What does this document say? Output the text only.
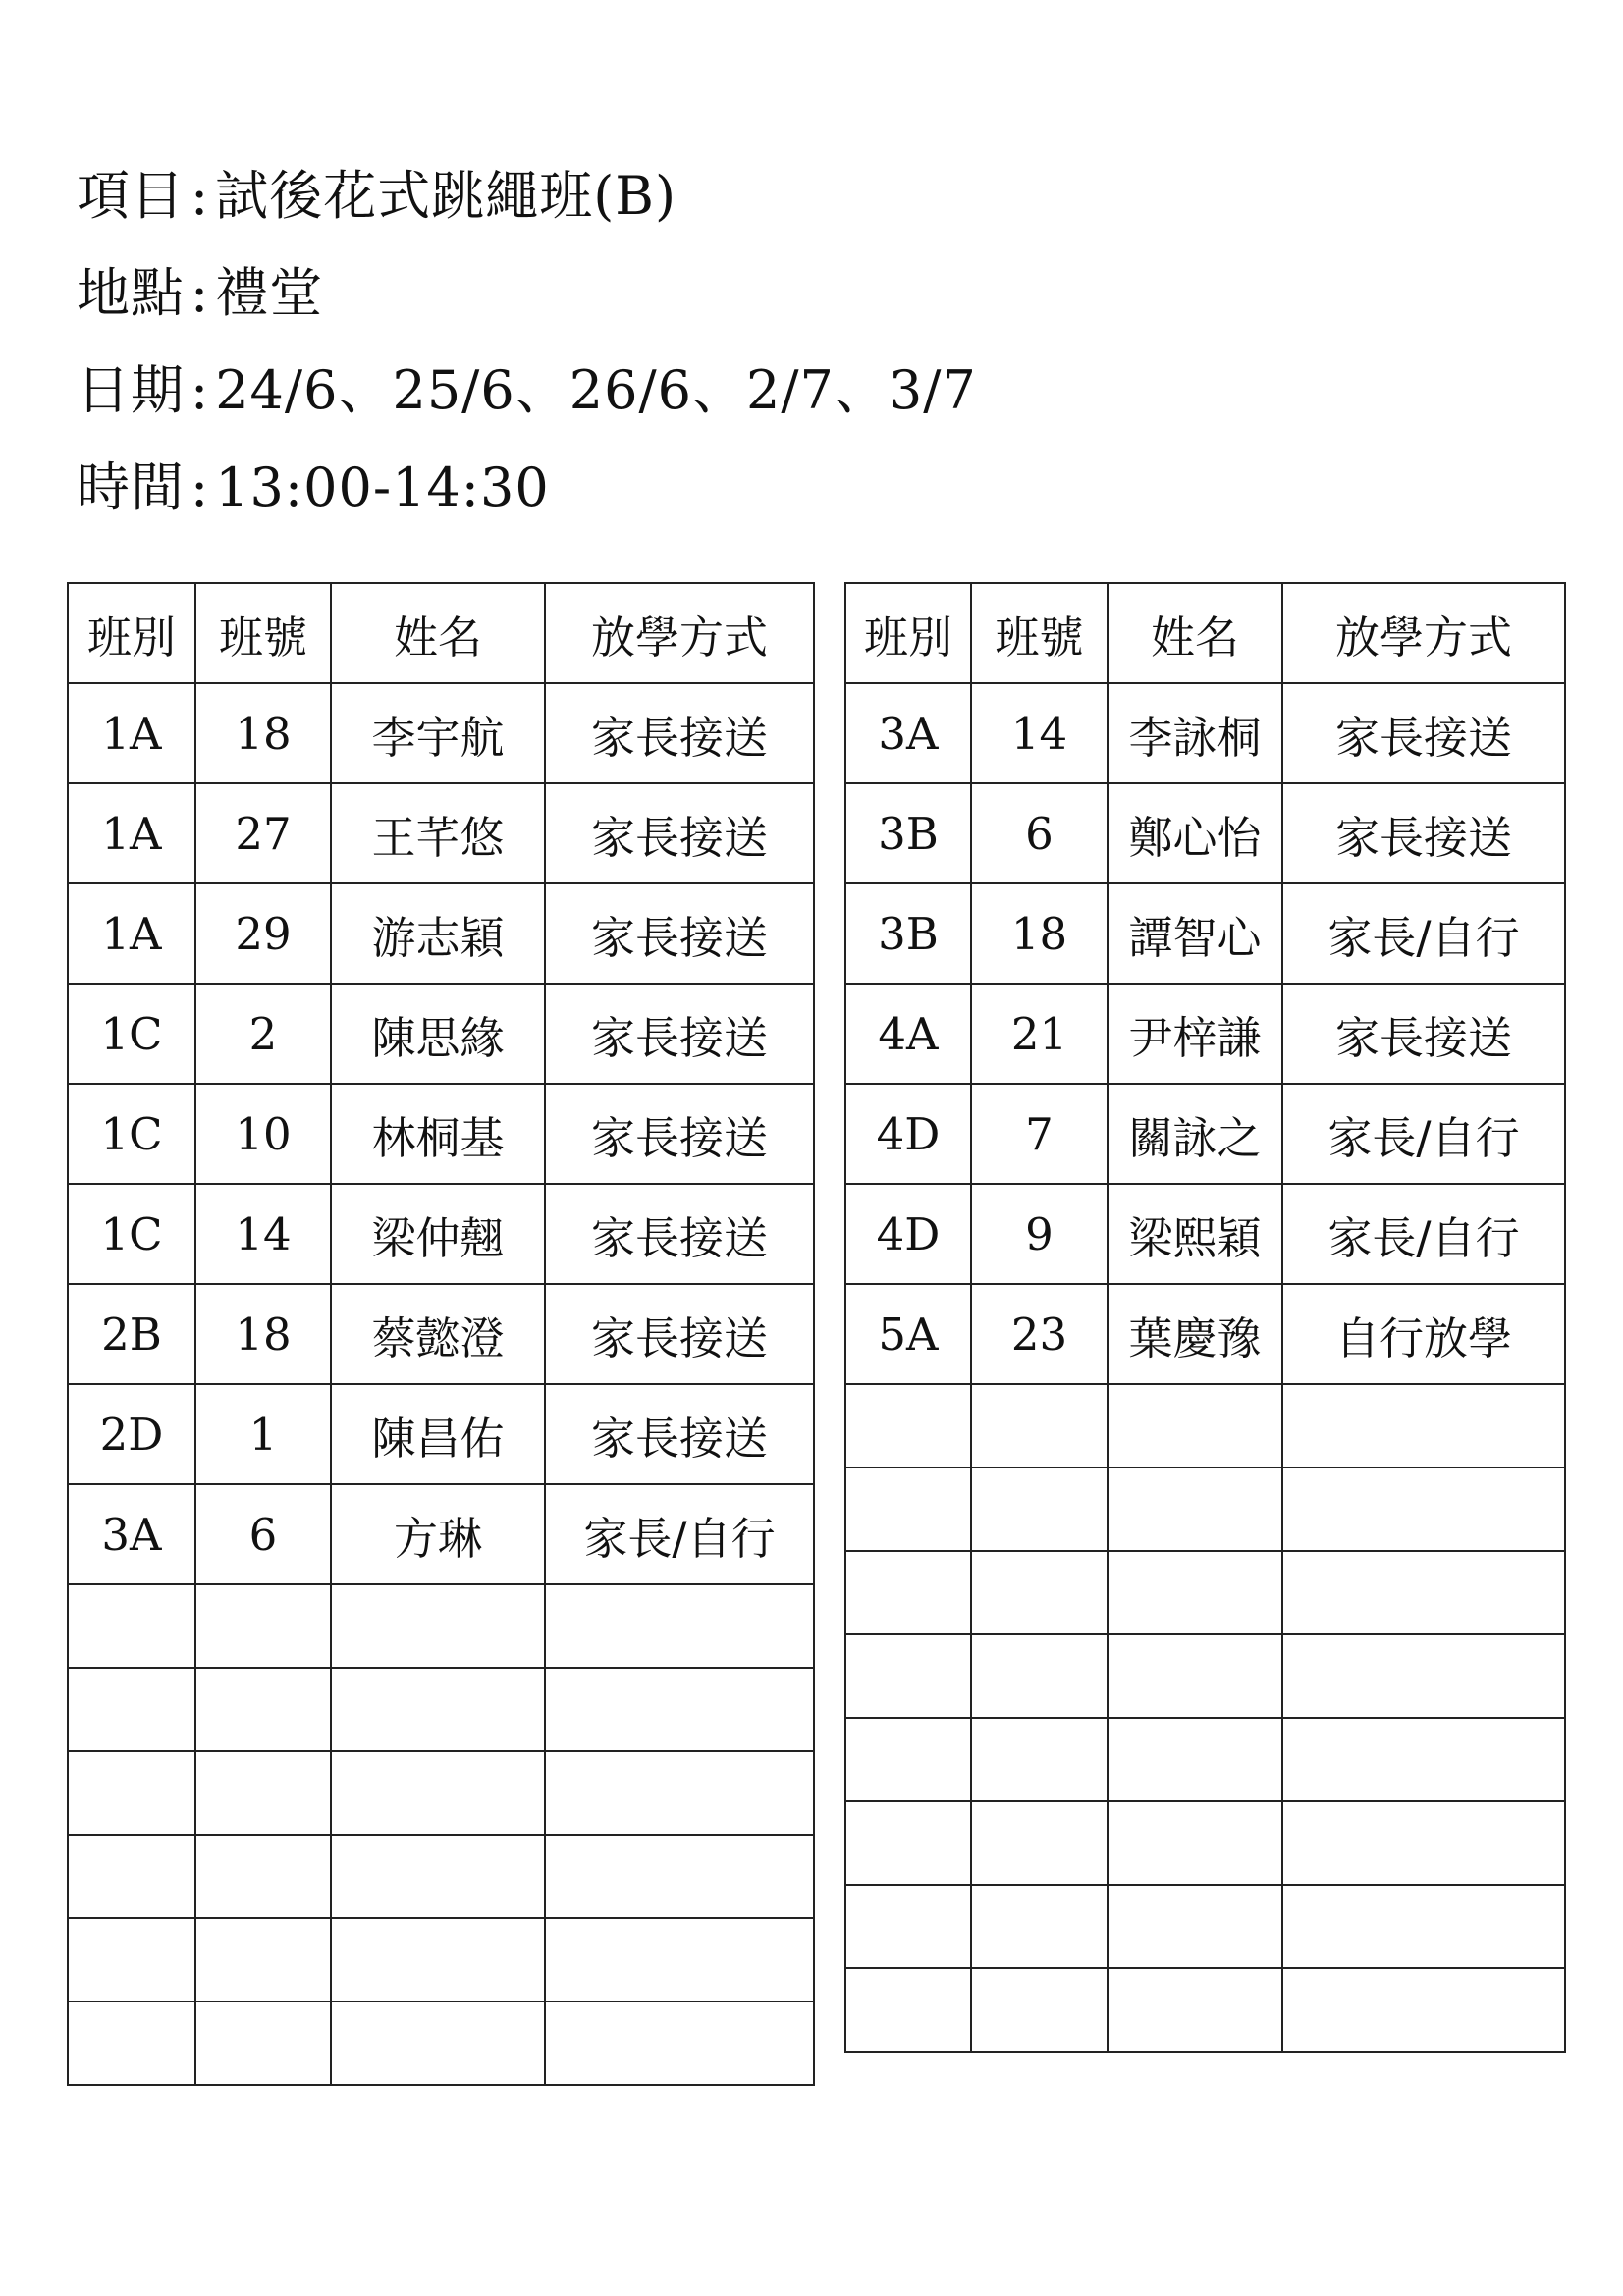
項目 : 試後花式跳繩班(B)
地點 : 禮堂
日期 : 24/6、25/6、26/6、2/7、3/7
時間 : 13:00-14:30
班別	班號	姓名	放學方式
1A	18	李宇航	家長接送
1A	27	王芊悠	家長接送
1A	29	游志穎	家長接送
1C	2	陳思緣	家長接送
1C	10	林桐基	家長接送
1C	14	梁仲翹	家長接送
2B	18	蔡懿澄	家長接送
2D	1	陳昌佑	家長接送
3A	6	方琳	家長/自行

班別	班號	姓名	放學方式
3A	14	李詠桐	家長接送
3B	6	鄭心怡	家長接送
3B	18	譚智心	家長/自行
4A	21	尹梓謙	家長接送
4D	7	關詠之	家長/自行
4D	9	梁熙穎	家長/自行
5A	23	葉慶豫	自行放學
